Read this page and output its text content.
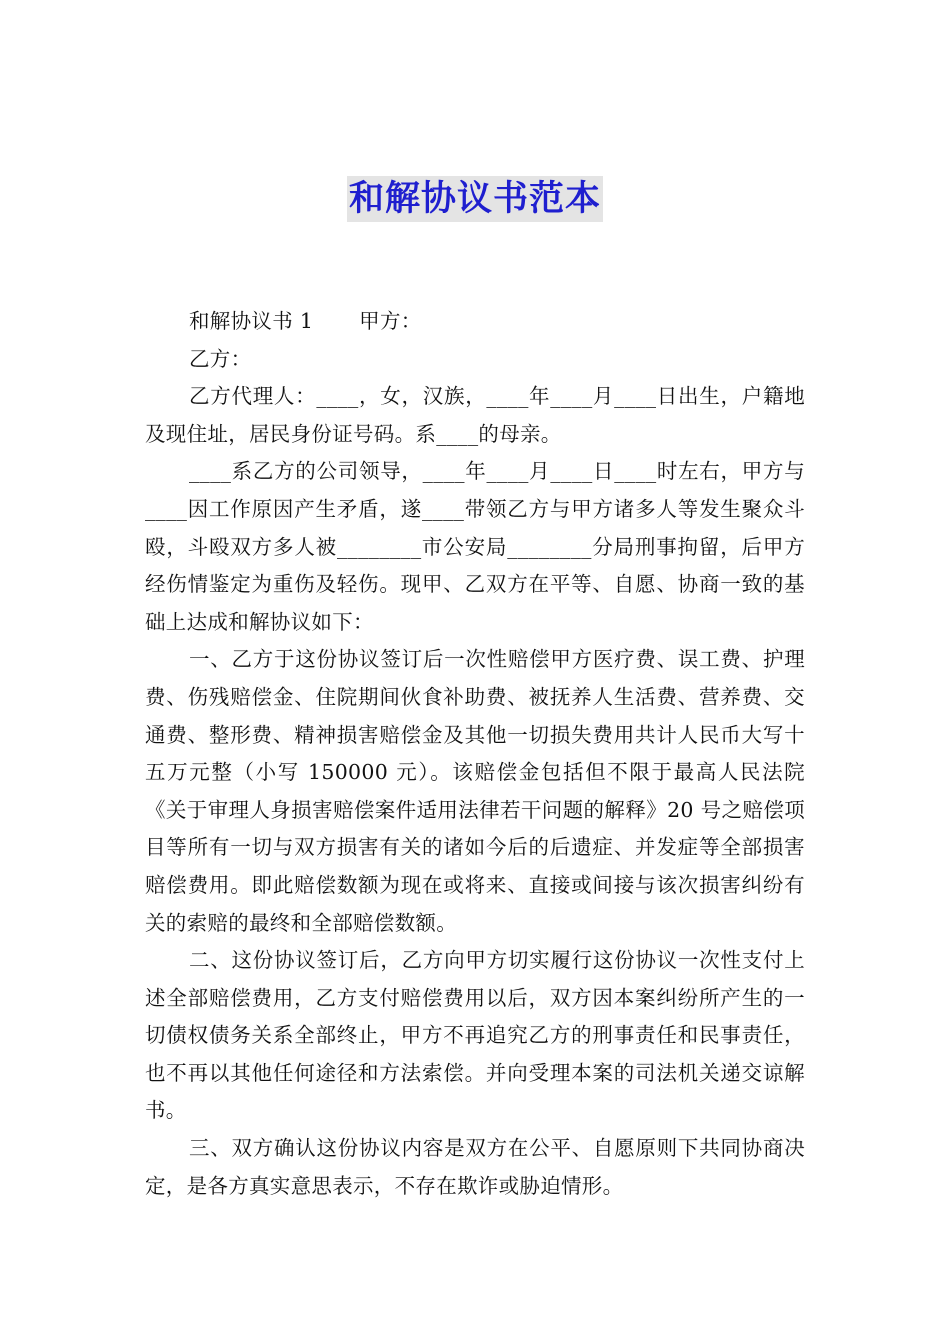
和解协议书范本

和解协议书 1 甲方：

乙方：

乙方代理人：____，女，汉族，____年____月____日出生，户籍地及现住址，居民身份证号码。系____的母亲。

____系乙方的公司领导，____年____月____日____时左右，甲方与____因工作原因产生矛盾，遂____带领乙方与甲方诸多人等发生聚众斗殴，斗殴双方多人被________市公安局________分局刑事拘留，后甲方经伤情鉴定为重伤及轻伤。现甲、乙双方在平等、自愿、协商一致的基础上达成和解协议如下：

一、乙方于这份协议签订后一次性赔偿甲方医疗费、误工费、护理费、伤残赔偿金、住院期间伙食补助费、被抚养人生活费、营养费、交通费、整形费、精神损害赔偿金及其他一切损失费用共计人民币大写十五万元整（小写 150000 元）。该赔偿金包括但不限于最高人民法院《关于审理人身损害赔偿案件适用法律若干问题的解释》20 号之赔偿项目等所有一切与双方损害有关的诸如今后的后遗症、并发症等全部损害赔偿费用。即此赔偿数额为现在或将来、直接或间接与该次损害纠纷有关的索赔的最终和全部赔偿数额。

二、这份协议签订后，乙方向甲方切实履行这份协议一次性支付上述全部赔偿费用，乙方支付赔偿费用以后，双方因本案纠纷所产生的一切债权债务关系全部终止，甲方不再追究乙方的刑事责任和民事责任，也不再以其他任何途径和方法索偿。并向受理本案的司法机关递交谅解书。

三、双方确认这份协议内容是双方在公平、自愿原则下共同协商决定，是各方真实意思表示，不存在欺诈或胁迫情形。
